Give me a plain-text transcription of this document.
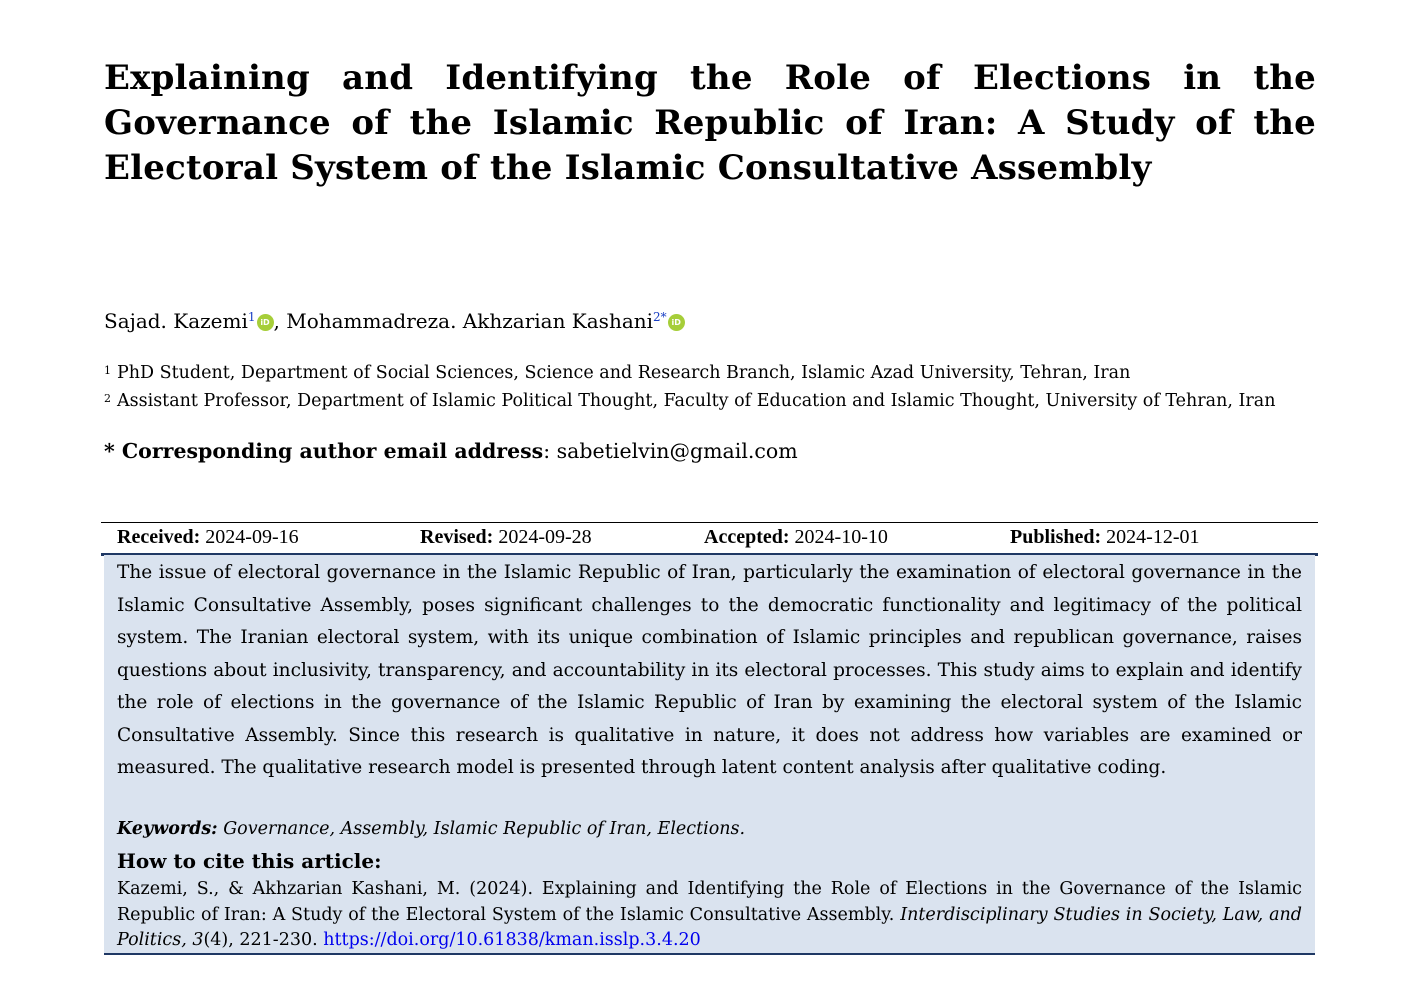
Explaining and Identifying the Role of Elections in the Governance of the Islamic Republic of Iran: A Study of the Electoral System of the Islamic Consultative Assembly
Sajad. Kazemi$^1$ iD , Mohammadreza. Akhzarian Kashani$^{2*}$ iD
1 PhD Student, Department of Social Sciences, Science and Research Branch, Islamic Azad University, Tehran, Iran
2 Assistant Professor, Department of Islamic Political Thought, Faculty of Education and Islamic Thought, University of Tehran, Iran
* Corresponding author email address: sabetielvin@gmail.com
Received: 2024-09-16	Revised: 2024-09-28	Accepted: 2024-10-10	Published: 2024-12-01

The issue of electoral governance in the Islamic Republic of Iran, particularly the examination of electoral governance in the Islamic Consultative Assembly, poses significant challenges to the democratic functionality and legitimacy of the political system. The Iranian electoral system, with its unique combination of Islamic principles and republican governance, raises questions about inclusivity, transparency, and accountability in its electoral processes. This study aims to explain and identify the role of elections in the governance of the Islamic Republic of Iran by examining the electoral system of the Islamic Consultative Assembly. Since this research is qualitative in nature, it does not address how variables are examined or measured. The qualitative research model is presented through latent content analysis after qualitative coding.

Keywords: Governance, Assembly, Islamic Republic of Iran, Elections.
How to cite this article:

Kazemi, S., & Akhzarian Kashani, M. (2024). Explaining and Identifying the Role of Elections in the Governance of the Islamic Republic of Iran: A Study of the Electoral System of the Islamic Consultative Assembly. Interdisciplinary Studies in Society, Law, and Politics, 3(4), 221-230. https://doi.org/10.61838/kman.isslp.3.4.20
